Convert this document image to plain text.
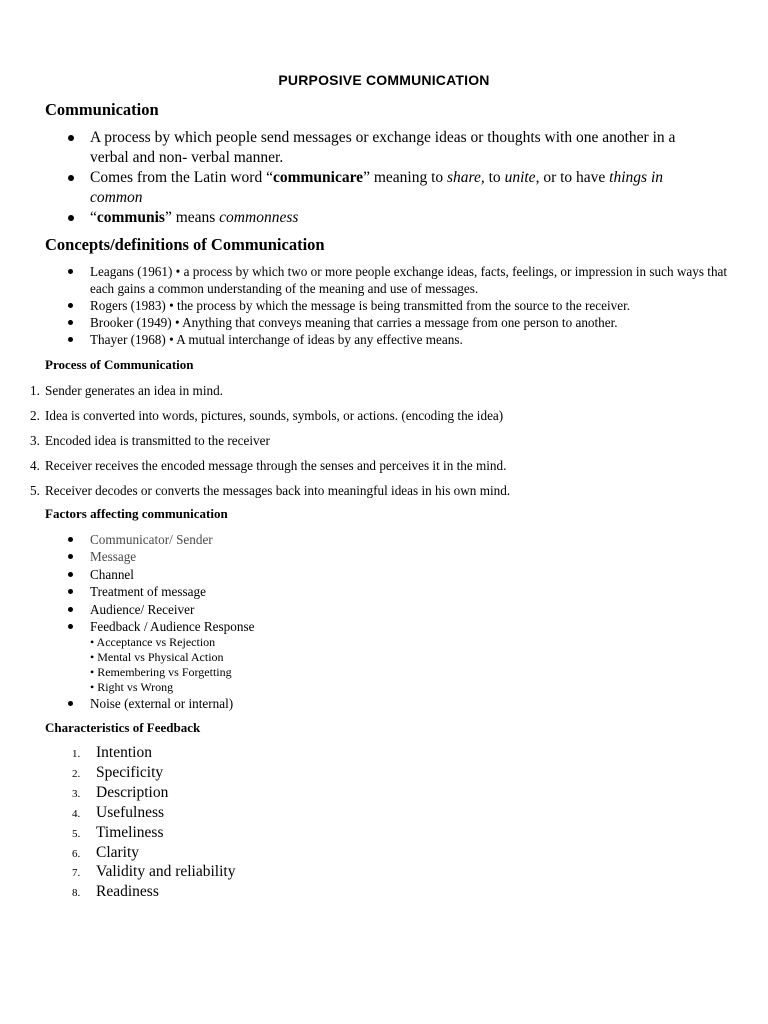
PURPOSIVE COMMUNICATION
Communication
A process by which people send messages or exchange ideas or thoughts with one another in a verbal and non- verbal manner.
Comes from the Latin word “communicare” meaning to share, to unite, or to have things in common
“communis” means commonness
Concepts/definitions of Communication
Leagans (1961) • a process by which two or more people exchange ideas, facts, feelings, or impression in such ways that each gains a common understanding of the meaning and use of messages.
Rogers (1983) • the process by which the message is being transmitted from the source to the receiver.
Brooker (1949) • Anything that conveys meaning that carries a message from one person to another.
Thayer (1968) • A mutual interchange of ideas by any effective means.
Process of Communication
1. Sender generates an idea in mind.
2. Idea is converted into words, pictures, sounds, symbols, or actions. (encoding the idea)
3. Encoded idea is transmitted to the receiver
4. Receiver receives the encoded message through the senses and perceives it in the mind.
5. Receiver decodes or converts the messages back into meaningful ideas in his own mind.
Factors affecting communication
Communicator/ Sender
Message
Channel
Treatment of message
Audience/ Receiver
Feedback / Audience Response
• Acceptance vs Rejection
• Mental vs Physical Action
• Remembering vs Forgetting
• Right vs Wrong
Noise (external or internal)
Characteristics of Feedback
1. Intention
2. Specificity
3. Description
4. Usefulness
5. Timeliness
6. Clarity
7. Validity and reliability
8. Readiness
